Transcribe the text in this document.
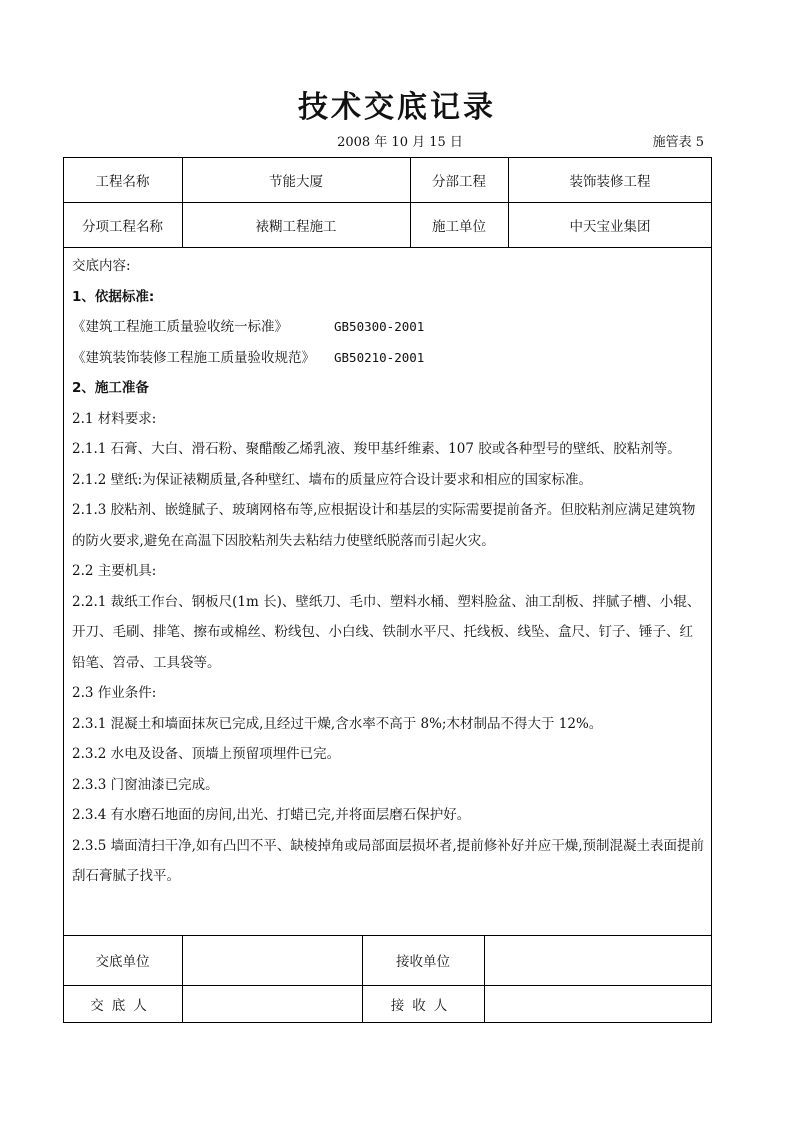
技术交底记录
2008 年 10 月 15 日	施管表 5
工程名称	节能大厦	分部工程	装饰装修工程
分项工程名称	裱糊工程施工	施工单位	中天宝业集团

交底内容:

1、依据标准:

《建筑工程施工质量验收统一标准》	GB50300-2001

《建筑装饰装修工程施工质量验收规范》	GB50210-2001

2、施工准备

2.1 材料要求:

2.1.1 石膏、大白、滑石粉、聚醋酸乙烯乳液、羧甲基纤维素、107 胶或各种型号的壁纸、胶粘剂等。

2.1.2 壁纸:为保证裱糊质量,各种壁红、墙布的质量应符合设计要求和相应的国家标准。

2.1.3 胶粘剂、嵌缝腻子、玻璃网格布等,应根据设计和基层的实际需要提前备齐。但胶粘剂应满足建筑物的防火要求,避免在高温下因胶粘剂失去粘结力使壁纸脱落而引起火灾。

2.2 主要机具:

2.2.1 裁纸工作台、钢板尺(1m 长)、壁纸刀、毛巾、塑料水桶、塑料脸盆、油工刮板、拌腻子槽、小辊、开刀、毛刷、排笔、擦布或棉丝、粉线包、小白线、铁制水平尺、托线板、线坠、盒尺、钉子、锤子、红铅笔、笤帚、工具袋等。

2.3 作业条件:

2.3.1 混凝土和墙面抹灰已完成,且经过干燥,含水率不高于 8%;木材制品不得大于 12%。

2.3.2 水电及设备、顶墙上预留项埋件已完。

2.3.3 门窗油漆已完成。

2.3.4 有水磨石地面的房间,出光、打蜡已完,并将面层磨石保护好。

2.3.5 墙面清扫干净,如有凸凹不平、缺棱掉角或局部面层损坏者,提前修补好并应干燥,预制混凝土表面提前刮石膏腻子找平。

交底单位	接收单位
交底人	接收人
